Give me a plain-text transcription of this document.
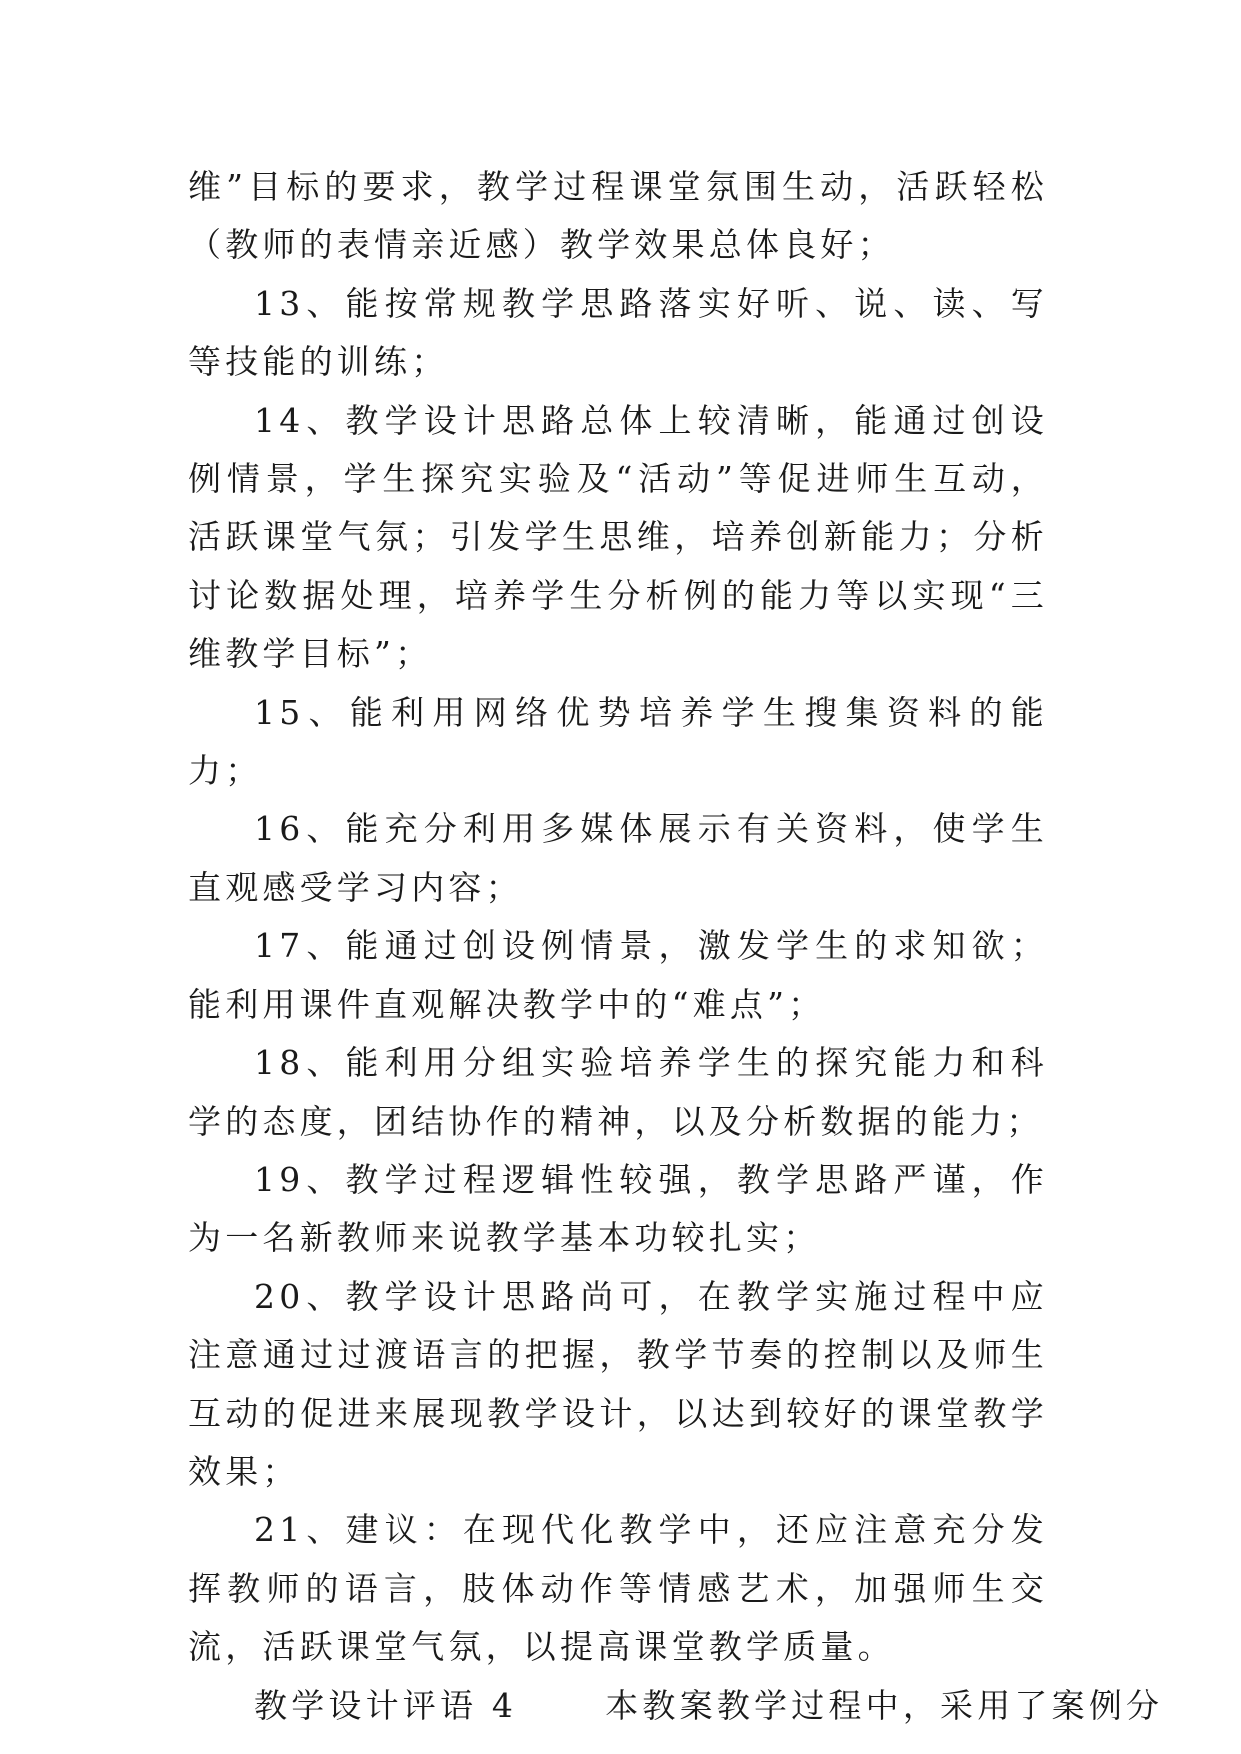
维”目标的要求，教学过程课堂氛围生动，活跃轻松（教师的表情亲近感）教学效果总体良好；

13、能按常规教学思路落实好听、说、读、写等技能的训练；

14、教学设计思路总体上较清晰，能通过创设例情景，学生探究实验及“活动”等促进师生互动，活跃课堂气氛；引发学生思维，培养创新能力；分析讨论数据处理，培养学生分析例的能力等以实现“三维教学目标”；

15、能利用网络优势培养学生搜集资料的能力；

16、能充分利用多媒体展示有关资料，使学生直观感受学习内容；

17、能通过创设例情景，激发学生的求知欲；能利用课件直观解决教学中的“难点”；

18、能利用分组实验培养学生的探究能力和科学的态度，团结协作的精神，以及分析数据的能力；

19、教学过程逻辑性较强，教学思路严谨，作为一名新教师来说教学基本功较扎实；

20、教学设计思路尚可，在教学实施过程中应注意通过过渡语言的把握，教学节奏的控制以及师生互动的促进来展现教学设计，以达到较好的课堂教学效果；

21、建议：在现代化教学中，还应注意充分发挥教师的语言，肢体动作等情感艺术，加强师生交流，活跃课堂气氛，以提高课堂教学质量。

教学设计评语 4	本教案教学过程中，采用了案例分
